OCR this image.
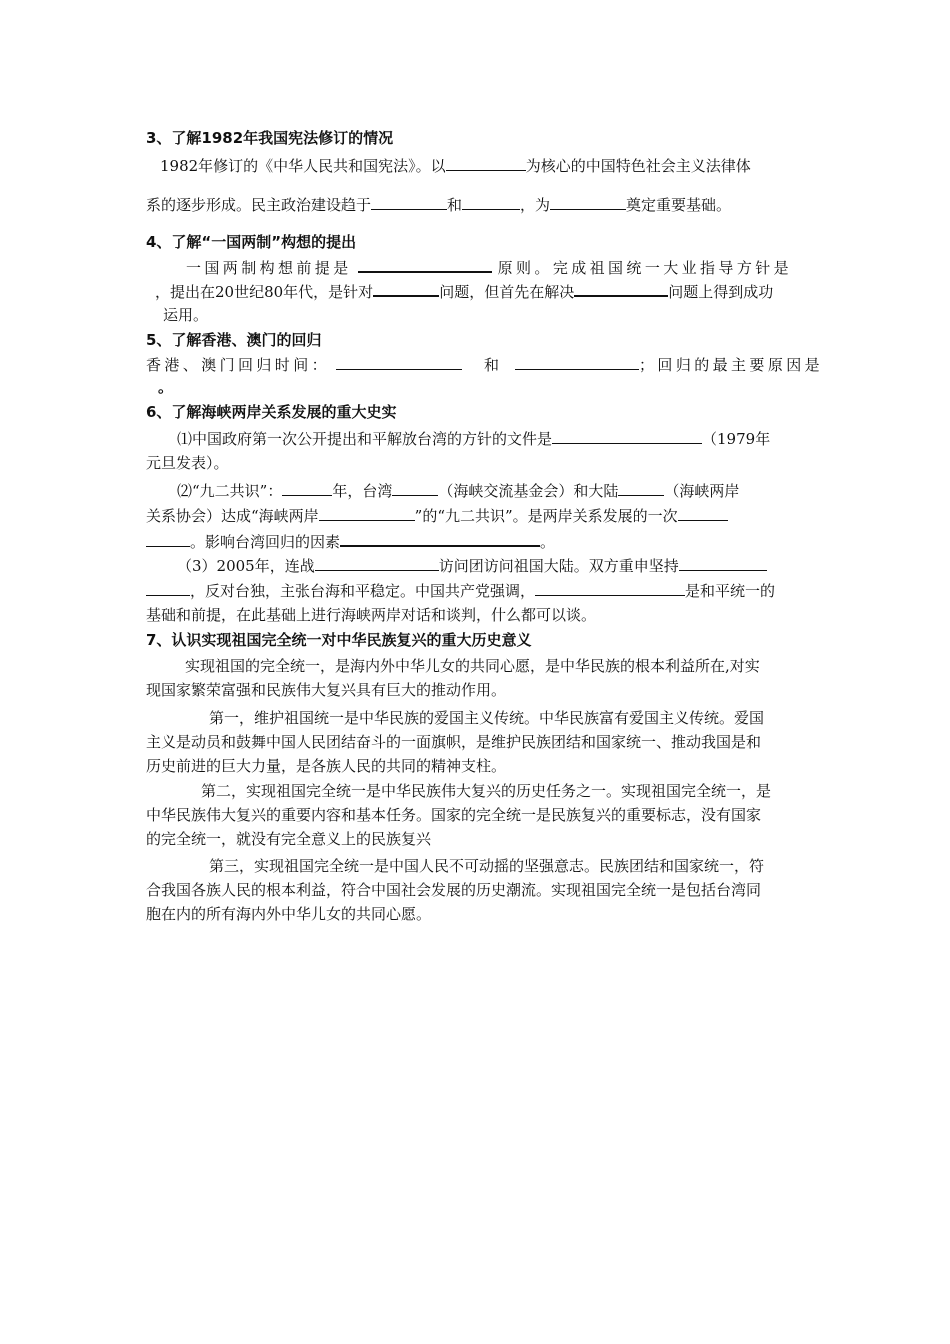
3、了解1982年我国宪法修订的情况
1982年修订的《中华人民共和国宪法》。以	为核心的中国特色社会主义法律体
系的逐步形成。民主政治建设趋于	和	，为	奠定重要基础。
4、了解“一国两制”构想的提出
一国两制构想前提是	原则。完成祖国统一大业指导方针是
，提出在20世纪80年代，是针对	问题，但首先在解决	问题上得到成功
运用。
5、了解香港、澳门的回归
香港、澳门回归时间：	和	；回归的最主要原因是
。
6、了解海峡两岸关系发展的重大史实
⑴中国政府第一次公开提出和平解放台湾的方针的文件是	（1979年
元旦发表）。
⑵“九二共识”：	年，台湾	（海峡交流基金会）和大陆	（海峡两岸
关系协会）达成“海峡两岸	”的“九二共识”。是两岸关系发展的一次
。影响台湾回归的因素	。
（3）2005年，连战	访问团访问祖国大陆。双方重申坚持
，反对台独，主张台海和平稳定。中国共产党强调，	是和平统一的
基础和前提，在此基础上进行海峡两岸对话和谈判，什么都可以谈。
7、认识实现祖国完全统一对中华民族复兴的重大历史意义
实现祖国的完全统一，是海内外中华儿女的共同心愿，是中华民族的根本利益所在,对实
现国家繁荣富强和民族伟大复兴具有巨大的推动作用。
第一，维护祖国统一是中华民族的爱国主义传统。中华民族富有爱国主义传统。爱国
主义是动员和鼓舞中国人民团结奋斗的一面旗帜，是维护民族团结和国家统一、推动我国是和
历史前进的巨大力量，是各族人民的共同的精神支柱。
第二，实现祖国完全统一是中华民族伟大复兴的历史任务之一。实现祖国完全统一，是
中华民族伟大复兴的重要内容和基本任务。国家的完全统一是民族复兴的重要标志，没有国家
的完全统一，就没有完全意义上的民族复兴
第三，实现祖国完全统一是中国人民不可动摇的坚强意志。民族团结和国家统一，符
合我国各族人民的根本利益，符合中国社会发展的历史潮流。实现祖国完全统一是包括台湾同
胞在内的所有海内外中华儿女的共同心愿。
